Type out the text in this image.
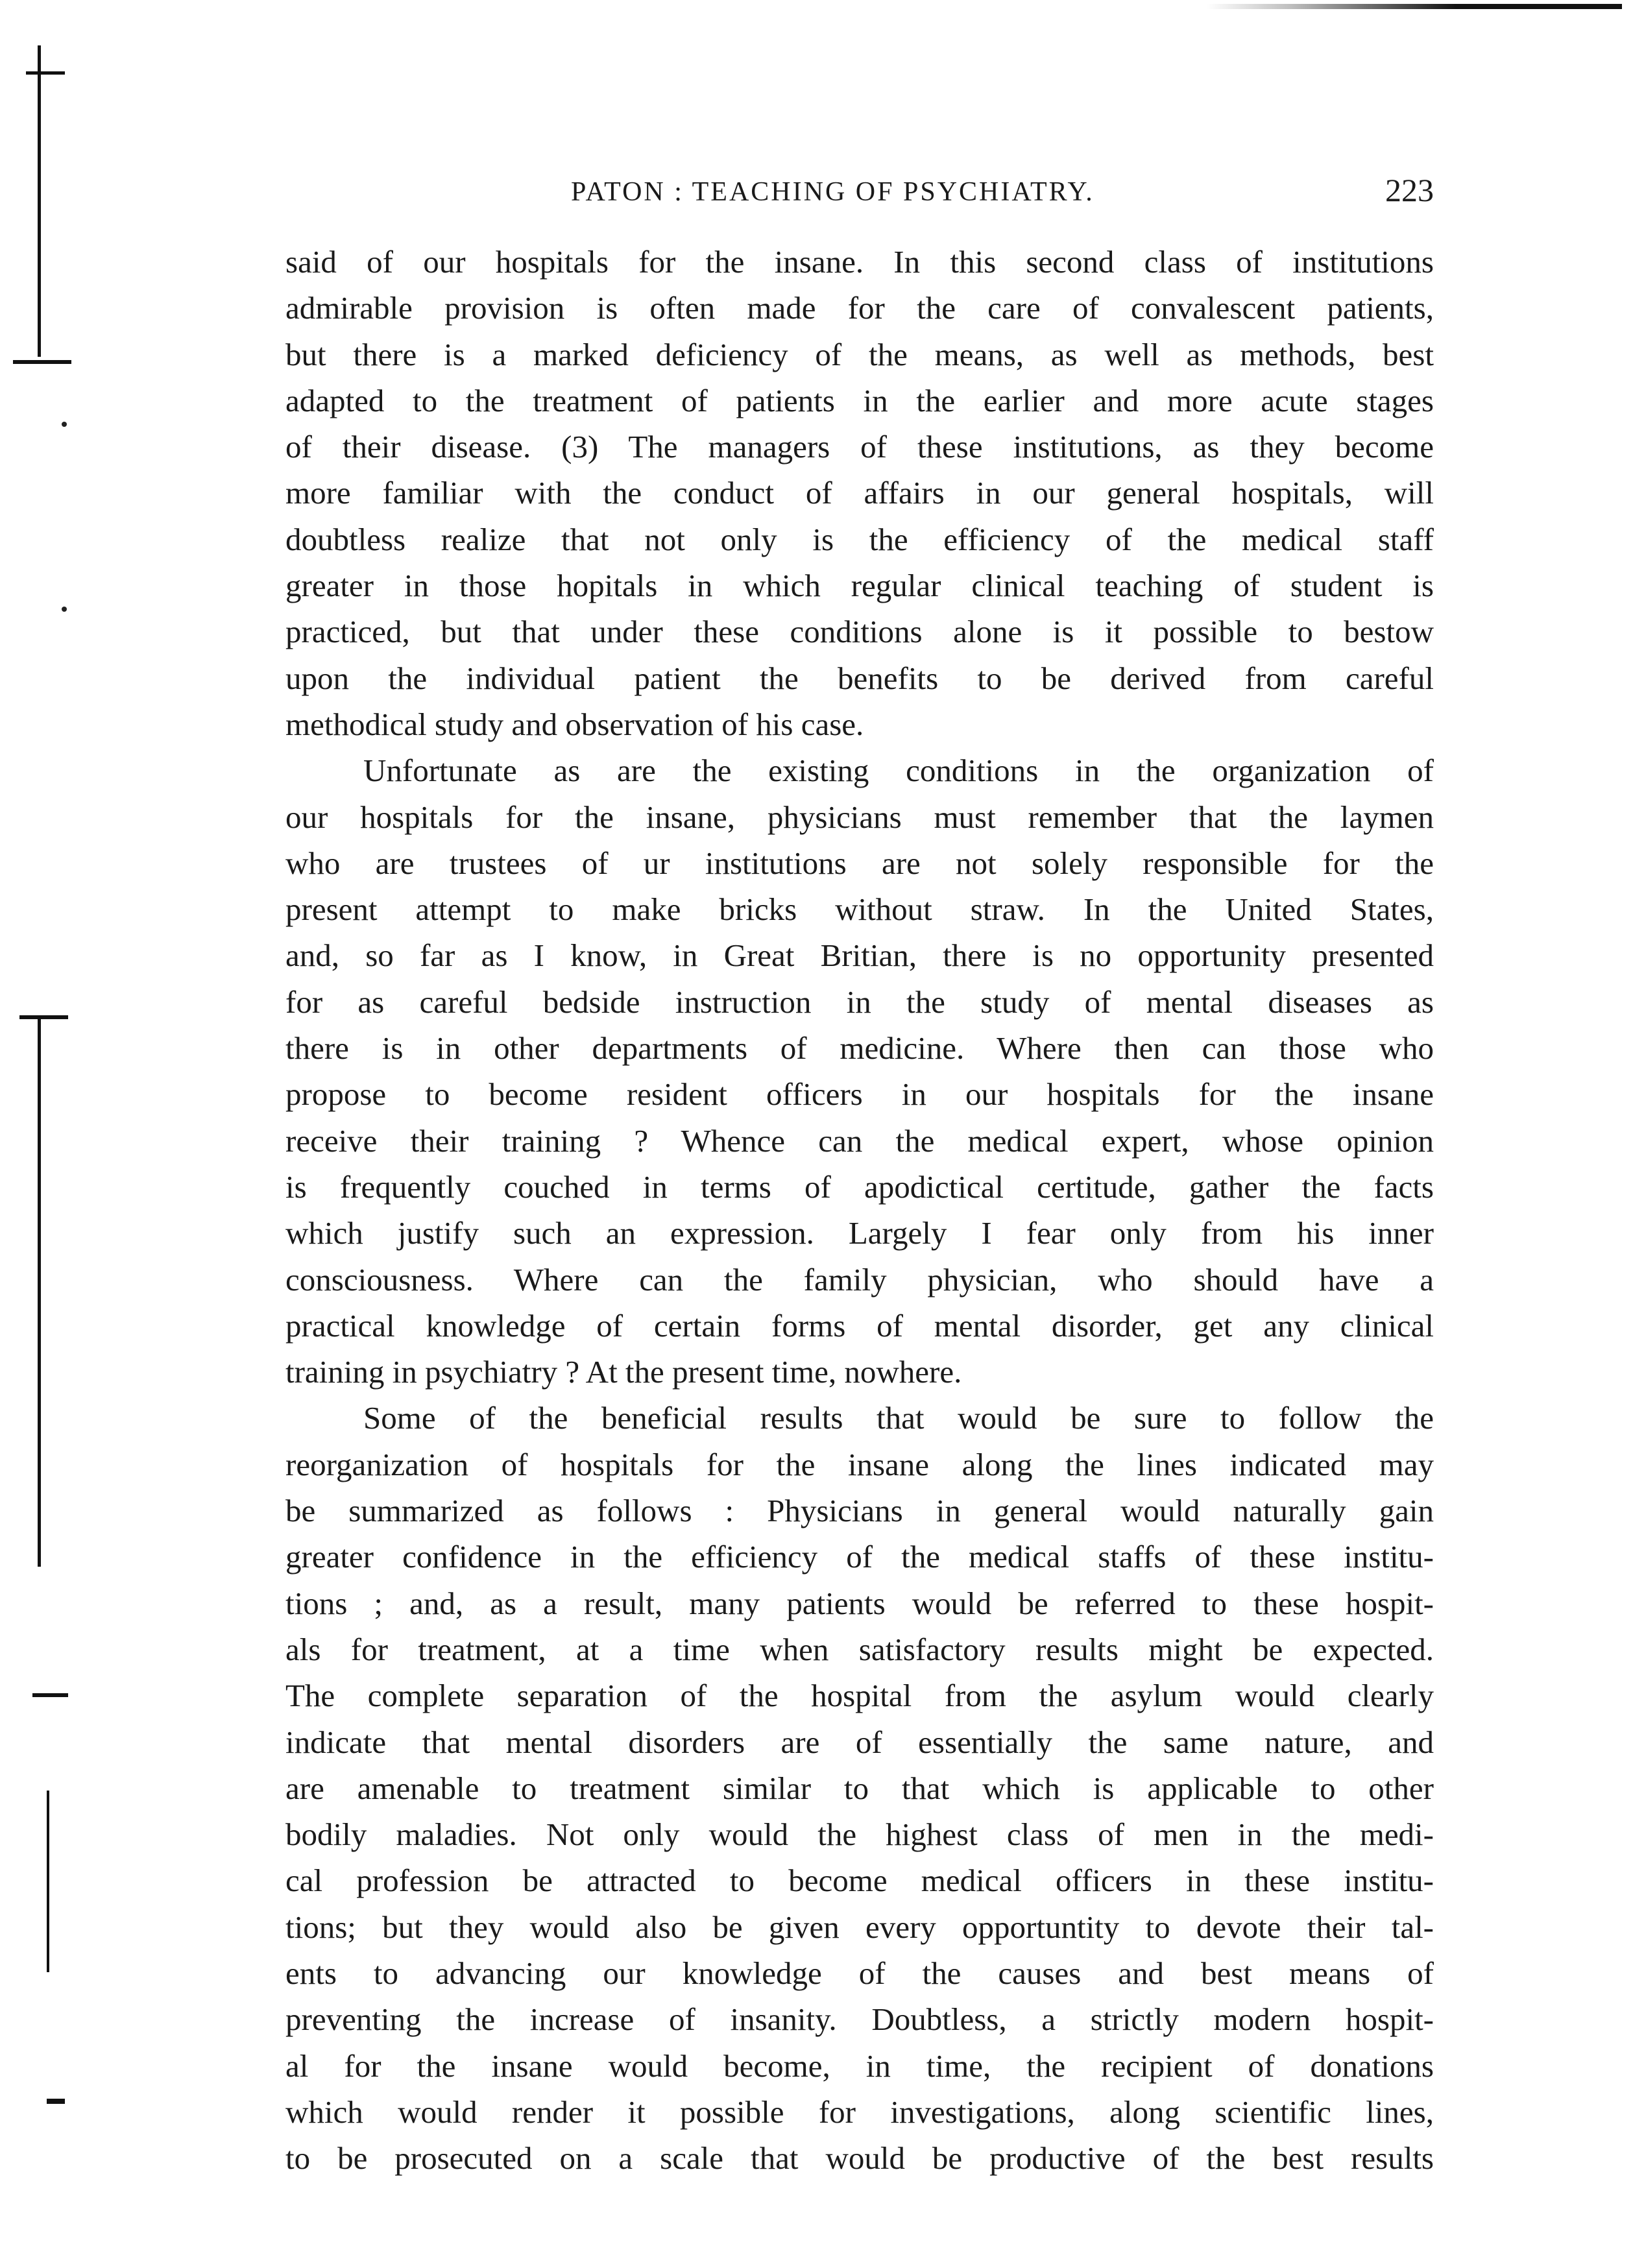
PATON : TEACHING OF PSYCHIATRY.	223
said of our hospitals for the insane. In this second class of institutions
admirable provision is often made for the care of convalescent patients,
but there is a marked deficiency of the means, as well as methods, best
adapted to the treatment of patients in the earlier and more acute stages
of their disease. (3) The managers of these institutions, as they become
more familiar with the conduct of affairs in our general hospitals, will
doubtless realize that not only is the efficiency of the medical staff
greater in those hopitals in which regular clinical teaching of student is
practiced, but that under these conditions alone is it possible to bestow
upon the individual patient the benefits to be derived from careful
methodical study and observation of his case.
Unfortunate as are the existing conditions in the organization of
our hospitals for the insane, physicians must remember that the laymen
who are trustees of ur institutions are not solely responsible for the
present attempt to make bricks without straw. In the United States,
and, so far as I know, in Great Britian, there is no opportunity presented
for as careful bedside instruction in the study of mental diseases as
there is in other departments of medicine. Where then can those who
propose to become resident officers in our hospitals for the insane
receive their training ? Whence can the medical expert, whose opinion
is frequently couched in terms of apodictical certitude, gather the facts
which justify such an expression. Largely I fear only from his inner
consciousness. Where can the family physician, who should have a
practical knowledge of certain forms of mental disorder, get any clinical
training in psychiatry ? At the present time, nowhere.
Some of the beneficial results that would be sure to follow the
reorganization of hospitals for the insane along the lines indicated may
be summarized as follows : Physicians in general would naturally gain
greater confidence in the efficiency of the medical staffs of these institu-
tions ; and, as a result, many patients would be referred to these hospit-
als for treatment, at a time when satisfactory results might be expected.
The complete separation of the hospital from the asylum would clearly
indicate that mental disorders are of essentially the same nature, and
are amenable to treatment similar to that which is applicable to other
bodily maladies. Not only would the highest class of men in the medi-
cal profession be attracted to become medical officers in these institu-
tions; but they would also be given every opportuntity to devote their tal-
ents to advancing our knowledge of the causes and best means of
preventing the increase of insanity. Doubtless, a strictly modern hospit-
al for the insane would become, in time, the recipient of donations
which would render it possible for investigations, along scientific lines,
to be prosecuted on a scale that would be productive of the best results
